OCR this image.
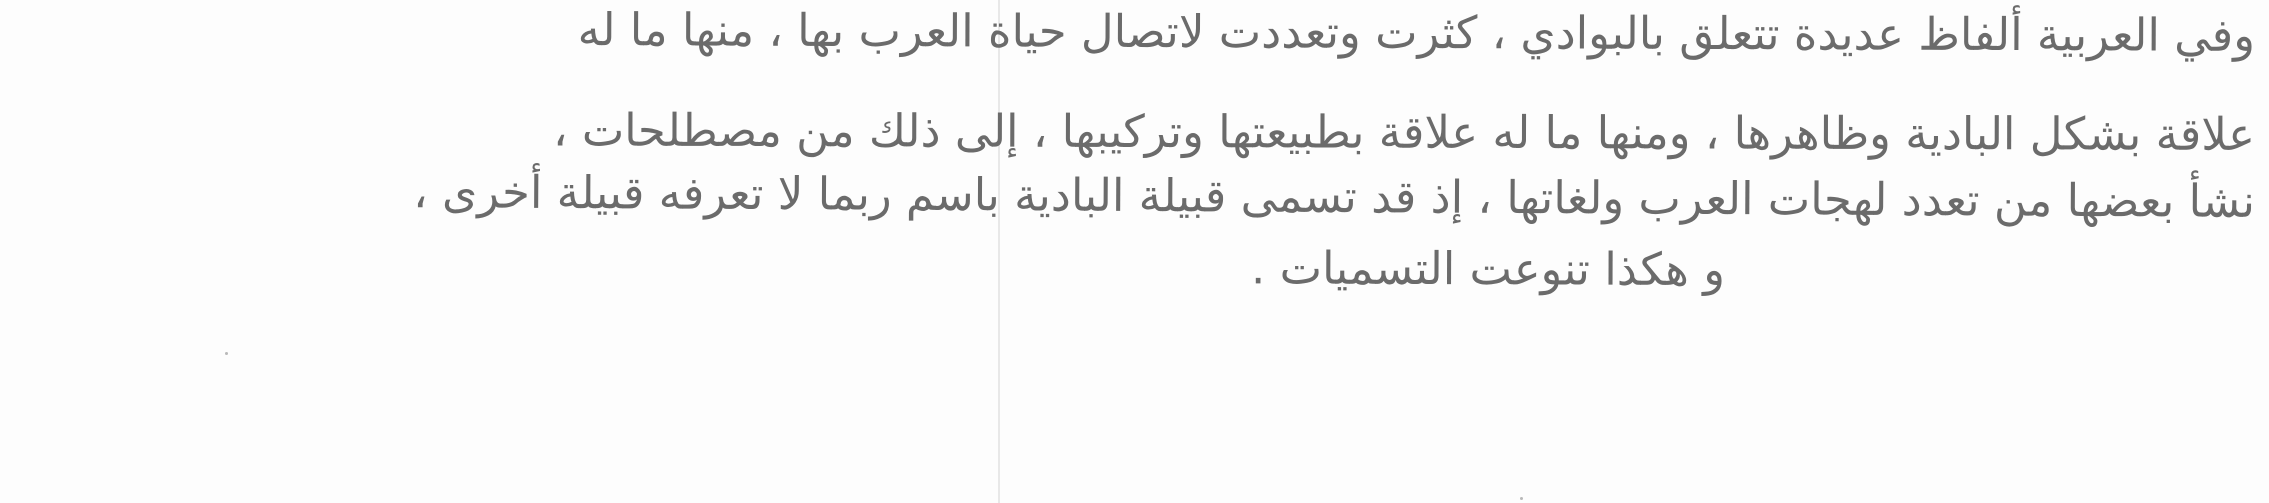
وفي العربية ألفاظ عديدة تتعلق بالبوادي ، كثرت وتعددت لاتصال حياة العرب بها ، منها ما له

علاقة بشكل البادية وظاهرها ، ومنها ما له علاقة بطبيعتها وتركيبها ، إلى ذلك من مصطلحات ،

نشأ بعضها من تعدد لهجات العرب ولغاتها ، إذ قد تسمى قبيلة البادية باسم ربما لا تعرفه قبيلة أخرى ،

و هكذا تنوعت التسميات .
